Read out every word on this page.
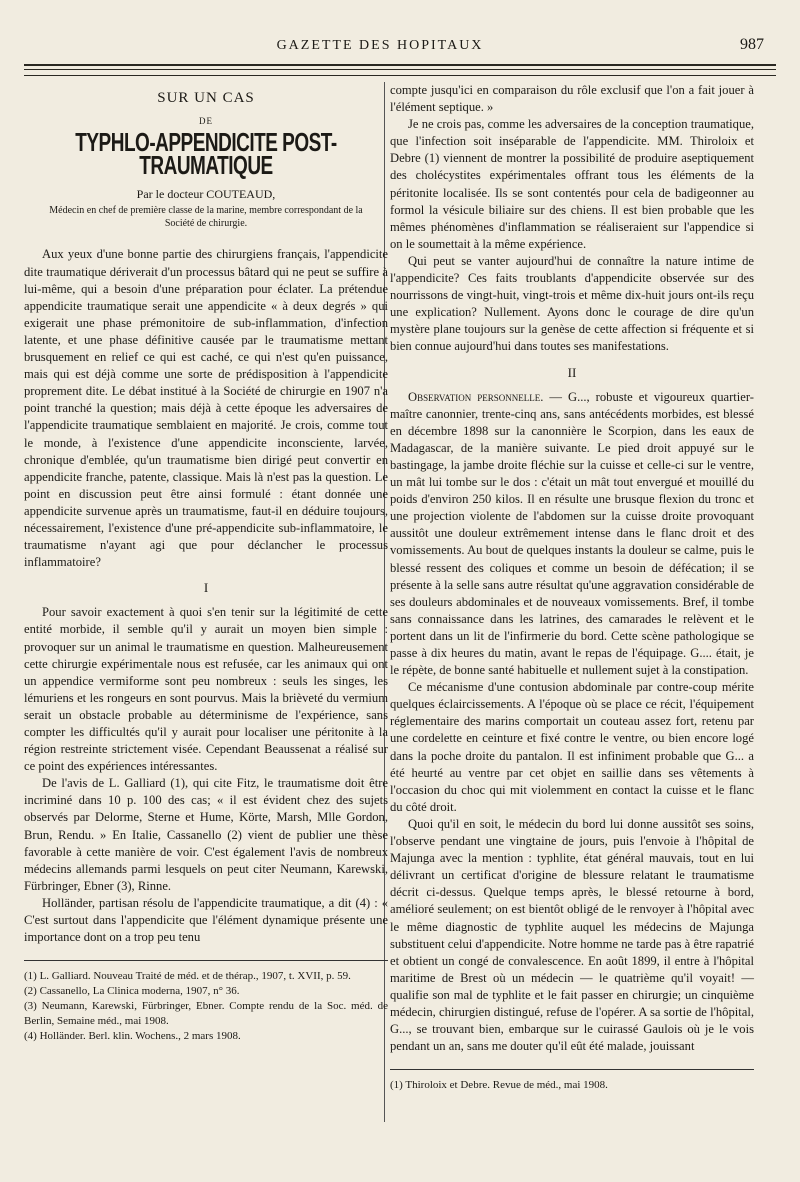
GAZETTE DES HOPITAUX	987
SUR UN CAS
DE
TYPHLO-APPENDICITE POST-TRAUMATIQUE
Par le docteur COUTEAUD,
Médecin en chef de première classe de la marine, membre correspondant de la Société de chirurgie.

Aux yeux d'une bonne partie des chirurgiens français, l'appendicite dite traumatique dériverait d'un processus bâtard qui ne peut se suffire à lui-même, qui a besoin d'une préparation pour éclater. La prétendue appendicite traumatique serait une appendicite « à deux degrés » qui exigerait une phase prémonitoire de sub-inflammation, d'infection latente, et une phase définitive causée par le traumatisme mettant brusquement en relief ce qui est caché, ce qui n'est qu'en puissance, mais qui est déjà comme une sorte de prédisposition à l'appendicite proprement dite. Le débat institué à la Société de chirurgie en 1907 n'a point tranché la question; mais déjà à cette époque les adversaires de l'appendicite traumatique semblaient en majorité. Je crois, comme tout le monde, à l'existence d'une appendicite inconsciente, larvée, chronique d'emblée, qu'un traumatisme bien dirigé peut convertir en appendicite franche, patente, classique. Mais là n'est pas la question. Le point en discussion peut être ainsi formulé : étant donnée une appendicite survenue après un traumatisme, faut-il en déduire toujours, nécessairement, l'existence d'une pré-appendicite sub-inflammatoire, le traumatisme n'ayant agi que pour déclancher le processus inflammatoire?

I

Pour savoir exactement à quoi s'en tenir sur la légitimité de cette entité morbide, il semble qu'il y aurait un moyen bien simple : provoquer sur un animal le traumatisme en question. Malheureusement cette chirurgie expérimentale nous est refusée, car les animaux qui ont un appendice vermiforme sont peu nombreux : seuls les singes, les lémuriens et les rongeurs en sont pourvus. Mais la brièveté du vermium serait un obstacle probable au déterminisme de l'expérience, sans compter les difficultés qu'il y aurait pour localiser une péritonite à la région restreinte strictement visée. Cependant Beaussenat a réalisé sur ce point des expériences intéressantes.

De l'avis de L. Galliard (1), qui cite Fitz, le traumatisme doit être incriminé dans 10 p. 100 des cas; « il est évident chez des sujets observés par Delorme, Sterne et Hume, Körte, Marsh, Mlle Gordon, Brun, Rendu. » En Italie, Cassanello (2) vient de publier une thèse favorable à cette manière de voir. C'est également l'avis de nombreux médecins allemands parmi lesquels on peut citer Neumann, Karewski, Fürbringer, Ebner (3), Rinne.

Holländer, partisan résolu de l'appendicite traumatique, a dit (4) : « C'est surtout dans l'appendicite que l'élément dynamique présente une importance dont on a trop peu tenu

(1) L. Galliard. Nouveau Traité de méd. et de thérap., 1907, t. XVII, p. 59.

(2) Cassanello, La Clinica moderna, 1907, n° 36.

(3) Neumann, Karewski, Fürbringer, Ebner. Compte rendu de la Soc. méd. de Berlin, Semaine méd., mai 1908.

(4) Holländer. Berl. klin. Wochens., 2 mars 1908.

compte jusqu'ici en comparaison du rôle exclusif que l'on a fait jouer à l'élément septique. »

Je ne crois pas, comme les adversaires de la conception traumatique, que l'infection soit inséparable de l'appendicite. MM. Thiroloix et Debre (1) viennent de montrer la possibilité de produire aseptiquement des cholécystites expérimentales offrant tous les éléments de la péritonite localisée. Ils se sont contentés pour cela de badigeonner au formol la vésicule biliaire sur des chiens. Il est bien probable que les mêmes phénomènes d'inflammation se réaliseraient sur l'appendice si on le soumettait à la même expérience.

Qui peut se vanter aujourd'hui de connaître la nature intime de l'appendicite? Ces faits troublants d'appendicite observée sur des nourrissons de vingt-huit, vingt-trois et même dix-huit jours ont-ils reçu une explication? Nullement. Ayons donc le courage de dire qu'un mystère plane toujours sur la genèse de cette affection si fréquente et si bien connue aujourd'hui dans toutes ses manifestations.

II

Observation personnelle. — G..., robuste et vigoureux quartier-maître canonnier, trente-cinq ans, sans antécédents morbides, est blessé en décembre 1898 sur la canonnière le Scorpion, dans les eaux de Madagascar, de la manière suivante. Le pied droit appuyé sur le bastingage, la jambe droite fléchie sur la cuisse et celle-ci sur le ventre, un mât lui tombe sur le dos : c'était un mât tout envergué et mouillé du poids d'environ 250 kilos. Il en résulte une brusque flexion du tronc et une projection violente de l'abdomen sur la cuisse droite provoquant aussitôt une douleur extrêmement intense dans le flanc droit et des vomissements. Au bout de quelques instants la douleur se calme, puis le blessé ressent des coliques et comme un besoin de défécation; il se présente à la selle sans autre résultat qu'une aggravation considérable de ses douleurs abdominales et de nouveaux vomissements. Bref, il tombe sans connaissance dans les latrines, des camarades le relèvent et le portent dans un lit de l'infirmerie du bord. Cette scène pathologique se passe à dix heures du matin, avant le repas de l'équipage. G.... était, je le répète, de bonne santé habituelle et nullement sujet à la constipation.

Ce mécanisme d'une contusion abdominale par contre-coup mérite quelques éclaircissements. A l'époque où se place ce récit, l'équipement réglementaire des marins comportait un couteau assez fort, retenu par une cordelette en ceinture et fixé contre le ventre, ou bien encore logé dans la poche droite du pantalon. Il est infiniment probable que G... a été heurté au ventre par cet objet en saillie dans ses vêtements à l'occasion du choc qui mit violemment en contact la cuisse et le flanc du côté droit.

Quoi qu'il en soit, le médecin du bord lui donne aussitôt ses soins, l'observe pendant une vingtaine de jours, puis l'envoie à l'hôpital de Majunga avec la mention : typhlite, état général mauvais, tout en lui délivrant un certificat d'origine de blessure relatant le traumatisme décrit ci-dessus. Quelque temps après, le blessé retourne à bord, amélioré seulement; on est bientôt obligé de le renvoyer à l'hôpital avec le même diagnostic de typhlite auquel les médecins de Majunga substituent celui d'appendicite. Notre homme ne tarde pas à être rapatrié et obtient un congé de convalescence. En août 1899, il entre à l'hôpital maritime de Brest où un médecin — le quatrième qu'il voyait! — qualifie son mal de typhlite et le fait passer en chirurgie; un cinquième médecin, chirurgien distingué, refuse de l'opérer. A sa sortie de l'hôpital, G..., se trouvant bien, embarque sur le cuirassé Gaulois où je le vois pendant un an, sans me douter qu'il eût été malade, jouissant

(1) Thiroloix et Debre. Revue de méd., mai 1908.
